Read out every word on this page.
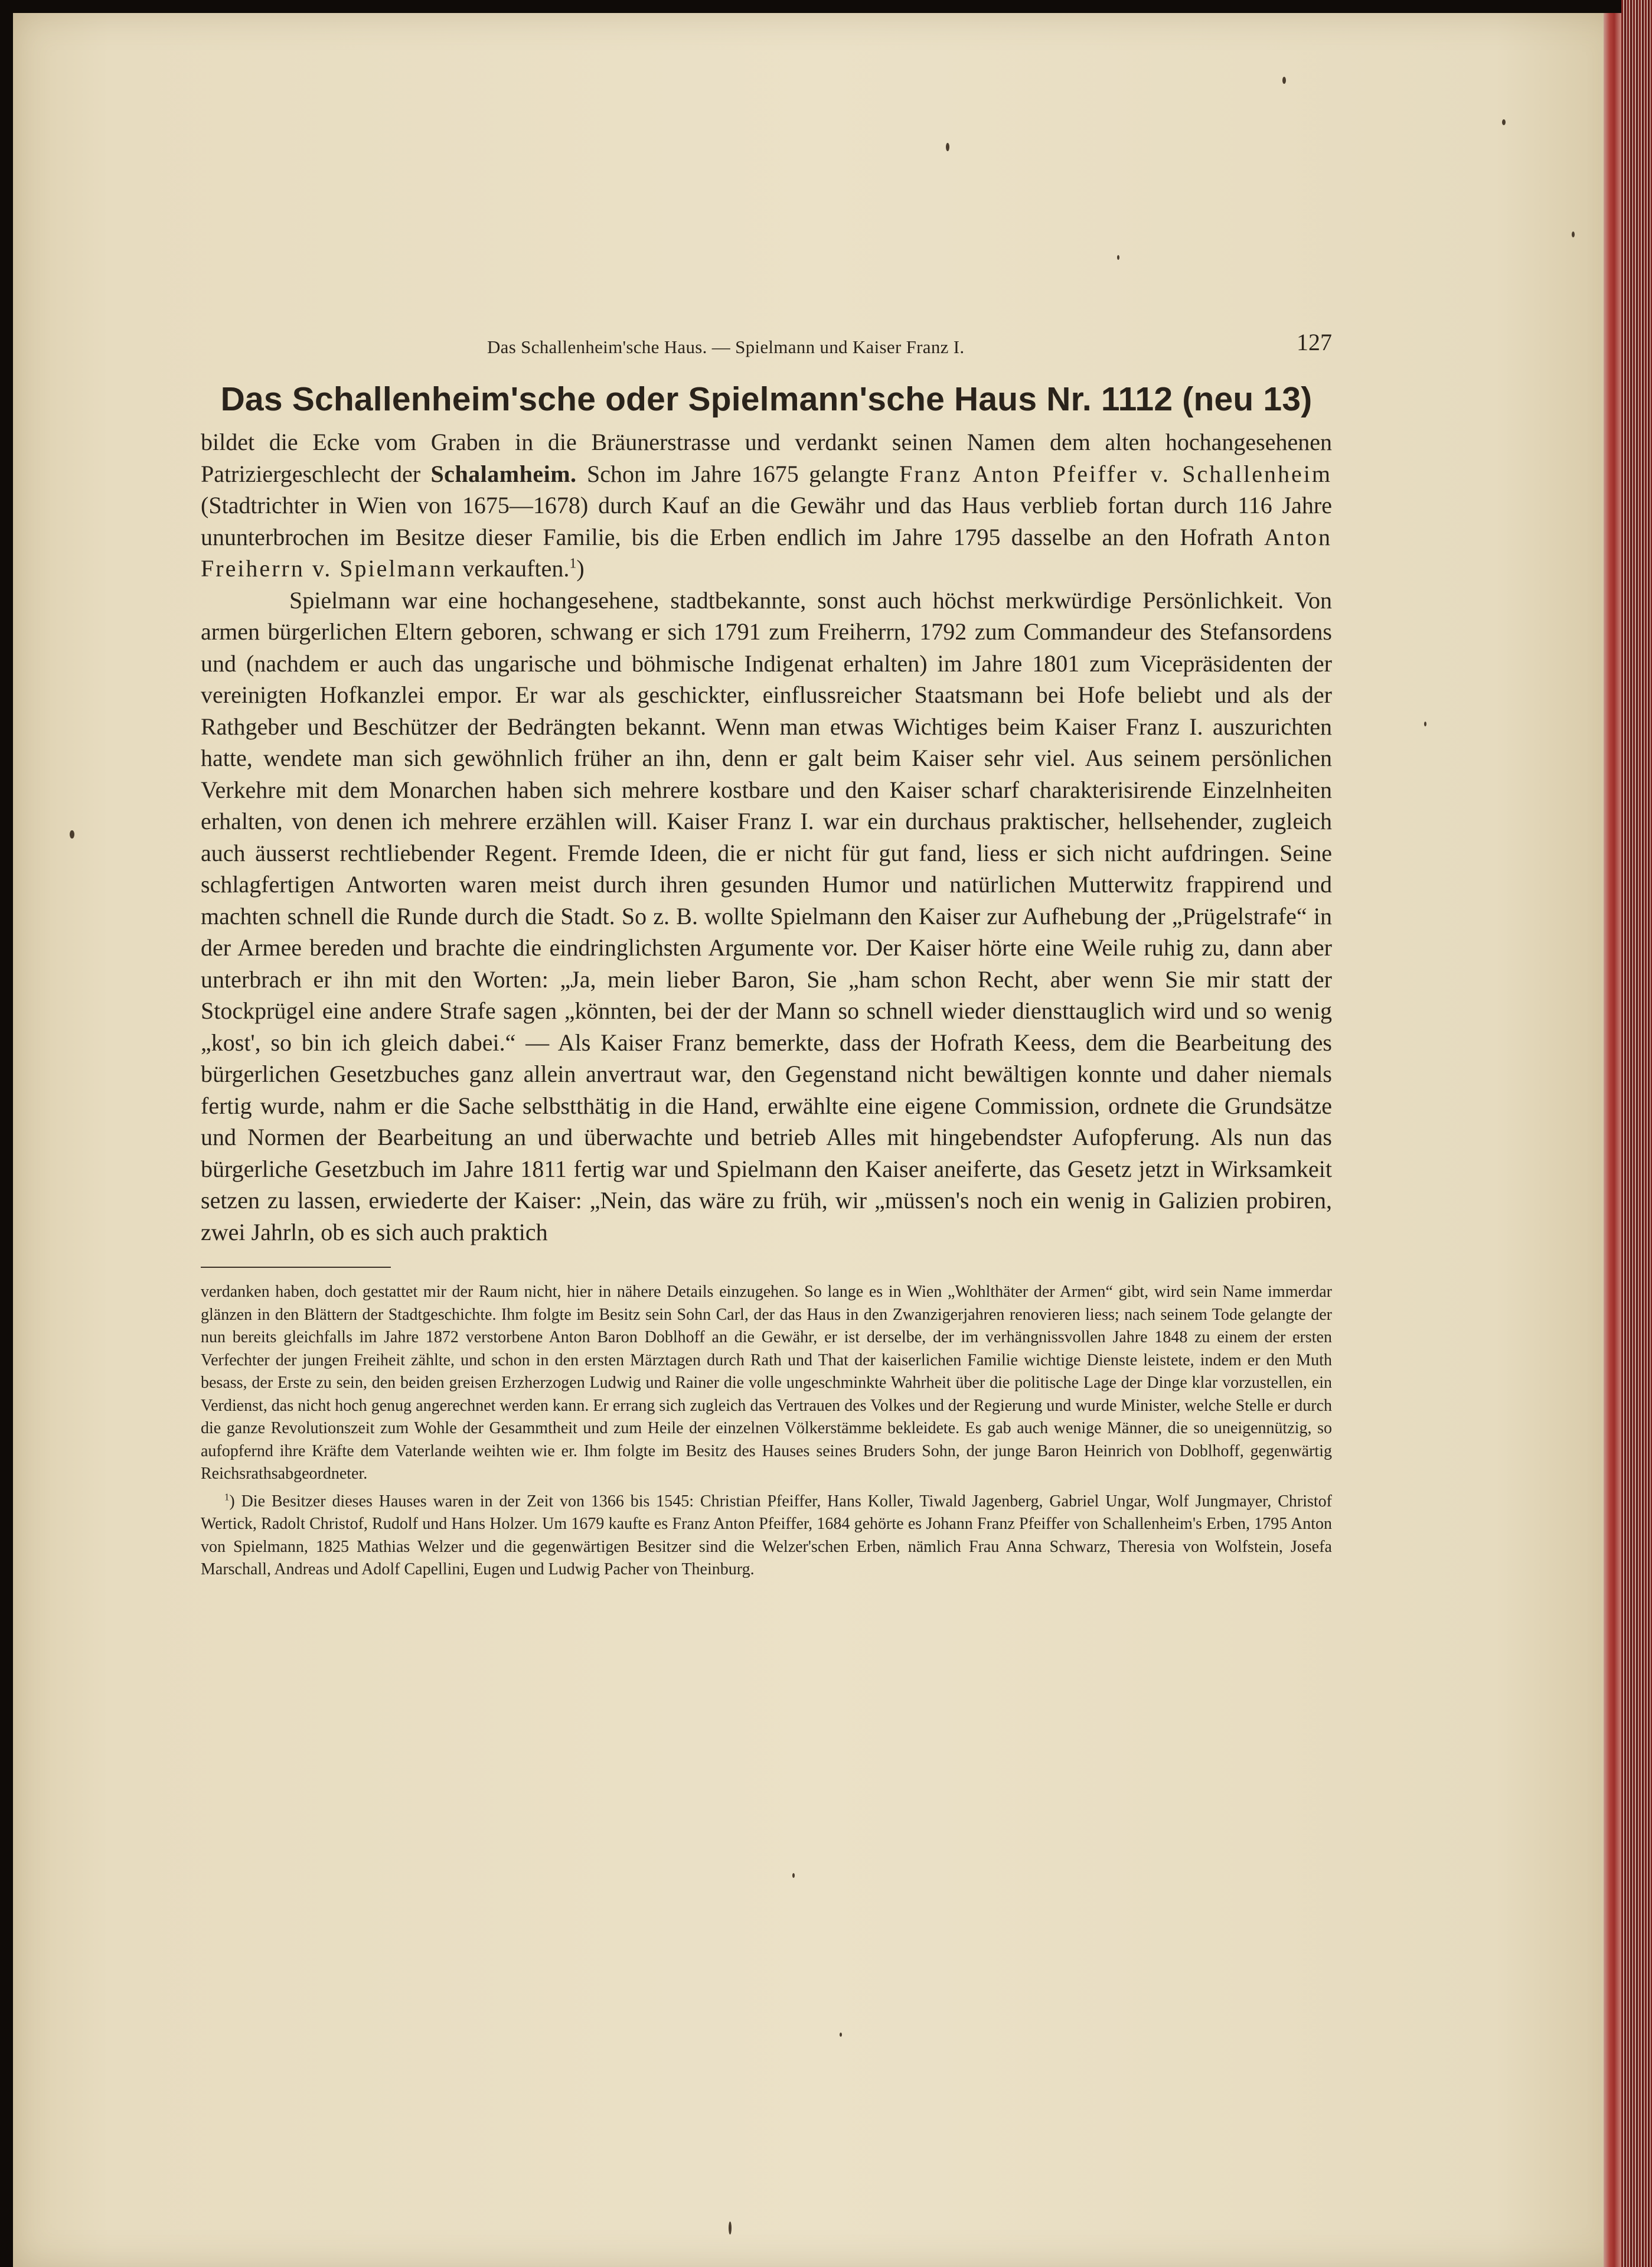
Das Schallenheim'sche Haus. — Spielmann und Kaiser Franz I.	127
Das Schallenheim'sche oder Spielmann'sche Haus Nr. 1112 (neu 13)

bildet die Ecke vom Graben in die Bräunerstrasse und verdankt seinen Namen dem alten hochangesehenen Patriziergeschlecht der Schalamheim. Schon im Jahre 1675 gelangte Franz Anton Pfeiffer v. Schallenheim (Stadtrichter in Wien von 1675—1678) durch Kauf an die Gewähr und das Haus verblieb fortan durch 116 Jahre ununterbrochen im Besitze dieser Familie, bis die Erben endlich im Jahre 1795 dasselbe an den Hofrath Anton Freiherrn v. Spielmann verkauften.$^1$)

Spielmann war eine hochangesehene, stadtbekannte, sonst auch höchst merkwürdige Persönlichkeit. Von armen bürgerlichen Eltern geboren, schwang er sich 1791 zum Freiherrn, 1792 zum Commandeur des Stefansordens und (nachdem er auch das ungarische und böhmische Indigenat erhalten) im Jahre 1801 zum Vicepräsidenten der vereinigten Hofkanzlei empor. Er war als geschickter, einflussreicher Staatsmann bei Hofe beliebt und als der Rathgeber und Beschützer der Bedrängten bekannt. Wenn man etwas Wichtiges beim Kaiser Franz I. auszurichten hatte, wendete man sich gewöhnlich früher an ihn, denn er galt beim Kaiser sehr viel. Aus seinem persönlichen Verkehre mit dem Monarchen haben sich mehrere kostbare und den Kaiser scharf charakterisirende Einzelnheiten erhalten, von denen ich mehrere erzählen will. Kaiser Franz I. war ein durchaus praktischer, hellsehender, zugleich auch äusserst rechtliebender Regent. Fremde Ideen, die er nicht für gut fand, liess er sich nicht aufdringen. Seine schlagfertigen Antworten waren meist durch ihren gesunden Humor und natürlichen Mutterwitz frappirend und machten schnell die Runde durch die Stadt. So z. B. wollte Spielmann den Kaiser zur Aufhebung der „Prügelstrafe“ in der Armee bereden und brachte die eindringlichsten Argumente vor. Der Kaiser hörte eine Weile ruhig zu, dann aber unterbrach er ihn mit den Worten: „Ja, mein lieber Baron, Sie „ham schon Recht, aber wenn Sie mir statt der Stockprügel eine andere Strafe sagen „könnten, bei der der Mann so schnell wieder diensttauglich wird und so wenig „kost', so bin ich gleich dabei.“ — Als Kaiser Franz bemerkte, dass der Hofrath Keess, dem die Bearbeitung des bürgerlichen Gesetzbuches ganz allein anvertraut war, den Gegenstand nicht bewältigen konnte und daher niemals fertig wurde, nahm er die Sache selbstthätig in die Hand, erwählte eine eigene Commission, ordnete die Grundsätze und Normen der Bearbeitung an und überwachte und betrieb Alles mit hingebendster Aufopferung. Als nun das bürgerliche Gesetzbuch im Jahre 1811 fertig war und Spielmann den Kaiser aneiferte, das Gesetz jetzt in Wirksamkeit setzen zu lassen, erwiederte der Kaiser: „Nein, das wäre zu früh, wir „müssen's noch ein wenig in Galizien probiren, zwei Jahrln, ob es sich auch praktich

verdanken haben, doch gestattet mir der Raum nicht, hier in nähere Details einzugehen. So lange es in Wien „Wohlthäter der Armen“ gibt, wird sein Name immerdar glänzen in den Blättern der Stadtgeschichte. Ihm folgte im Besitz sein Sohn Carl, der das Haus in den Zwanzigerjahren renovieren liess; nach seinem Tode gelangte der nun bereits gleichfalls im Jahre 1872 verstorbene Anton Baron Doblhoff an die Gewähr, er ist derselbe, der im verhängnissvollen Jahre 1848 zu einem der ersten Verfechter der jungen Freiheit zählte, und schon in den ersten Märztagen durch Rath und That der kaiserlichen Familie wichtige Dienste leistete, indem er den Muth besass, der Erste zu sein, den beiden greisen Erzherzogen Ludwig und Rainer die volle ungeschminkte Wahrheit über die politische Lage der Dinge klar vorzustellen, ein Verdienst, das nicht hoch genug angerechnet werden kann. Er errang sich zugleich das Vertrauen des Volkes und der Regierung und wurde Minister, welche Stelle er durch die ganze Revolutionszeit zum Wohle der Gesammtheit und zum Heile der einzelnen Völkerstämme bekleidete. Es gab auch wenige Männer, die so uneigennützig, so aufopfernd ihre Kräfte dem Vaterlande weihten wie er. Ihm folgte im Besitz des Hauses seines Bruders Sohn, der junge Baron Heinrich von Doblhoff, gegenwärtig Reichsrathsabgeordneter.

$^1$) Die Besitzer dieses Hauses waren in der Zeit von 1366 bis 1545: Christian Pfeiffer, Hans Koller, Tiwald Jagenberg, Gabriel Ungar, Wolf Jungmayer, Christof Wertick, Radolt Christof, Rudolf und Hans Holzer. Um 1679 kaufte es Franz Anton Pfeiffer, 1684 gehörte es Johann Franz Pfeiffer von Schallenheim's Erben, 1795 Anton von Spielmann, 1825 Mathias Welzer und die gegenwärtigen Besitzer sind die Welzer'schen Erben, nämlich Frau Anna Schwarz, Theresia von Wolfstein, Josefa Marschall, Andreas und Adolf Capellini, Eugen und Ludwig Pacher von Theinburg.
